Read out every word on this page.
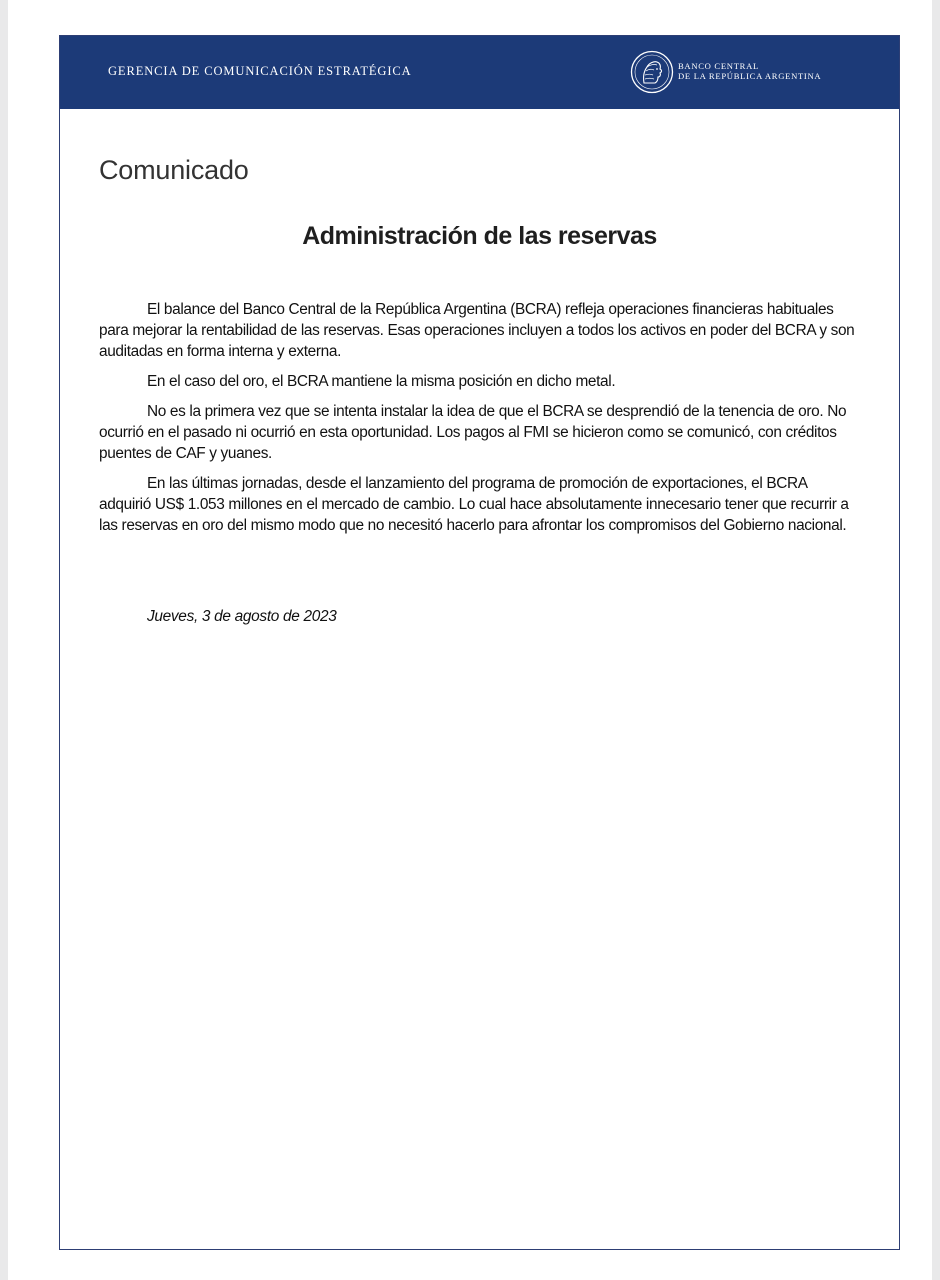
GERENCIA DE COMUNICACIÓN ESTRATÉGICA	BANCO CENTRAL
DE LA REPÚBLICA ARGENTINA
Comunicado
Administración de las reservas

El balance del Banco Central de la República Argentina (BCRA) refleja operaciones financieras habituales para mejorar la rentabilidad de las reservas. Esas operaciones incluyen a todos los activos en poder del BCRA y son auditadas en forma interna y externa.

En el caso del oro, el BCRA mantiene la misma posición en dicho metal.

No es la primera vez que se intenta instalar la idea de que el BCRA se desprendió de la tenencia de oro. No ocurrió en el pasado ni ocurrió en esta oportunidad. Los pagos al FMI se hicieron como se comunicó, con créditos puentes de CAF y yuanes.

En las últimas jornadas, desde el lanzamiento del programa de promoción de exportaciones, el BCRA adquirió US$ 1.053 millones en el mercado de cambio. Lo cual hace absolutamente innecesario tener que recurrir a las reservas en oro del mismo modo que no necesitó hacerlo para afrontar los compromisos del Gobierno nacional.

Jueves, 3 de agosto de 2023
